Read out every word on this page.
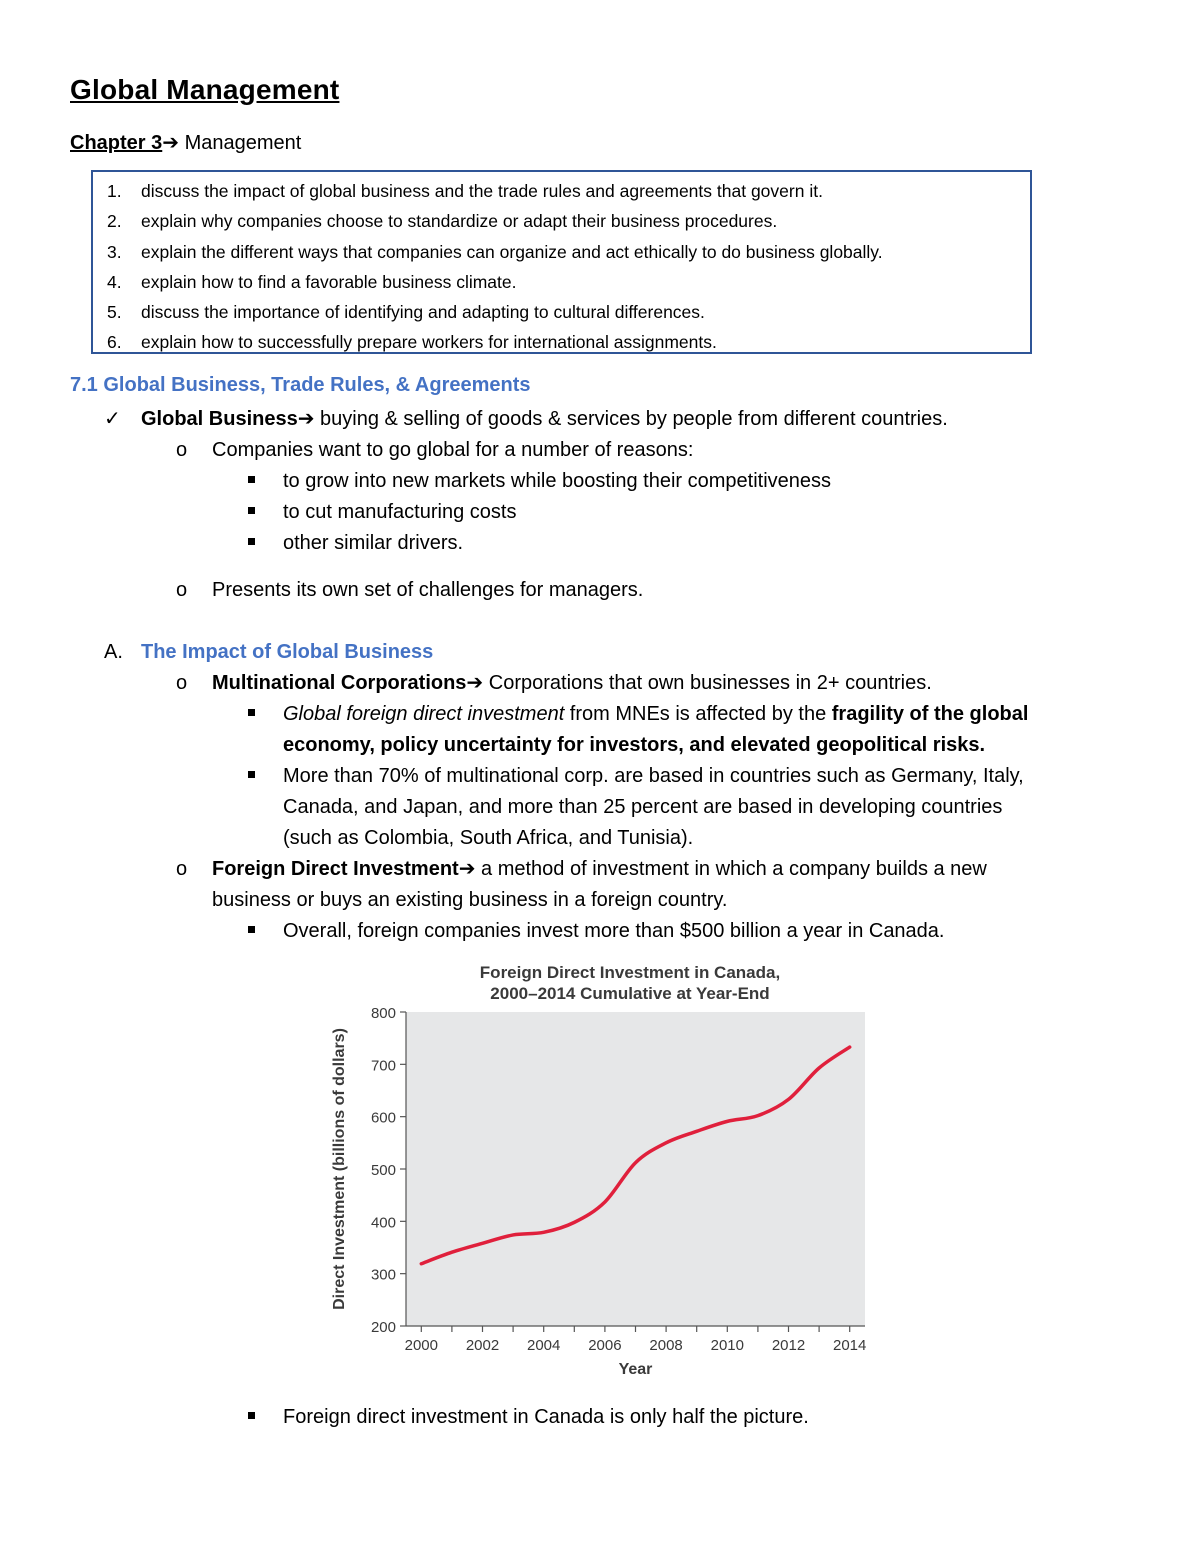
Global Management
Chapter 3➔ Management
1. discuss the impact of global business and the trade rules and agreements that govern it.
2. explain why companies choose to standardize or adapt their business procedures.
3. explain the different ways that companies can organize and act ethically to do business globally.
4. explain how to find a favorable business climate.
5. discuss the importance of identifying and adapting to cultural differences.
6. explain how to successfully prepare workers for international assignments.
7.1 Global Business, Trade Rules, & Agreements
✓ Global Business➔ buying & selling of goods & services by people from different countries.
o Companies want to go global for a number of reasons:
to grow into new markets while boosting their competitiveness
to cut manufacturing costs
other similar drivers.
o Presents its own set of challenges for managers.
A. The Impact of Global Business
o Multinational Corporations➔ Corporations that own businesses in 2+ countries.
Global foreign direct investment from MNEs is affected by the fragility of the global
economy, policy uncertainty for investors, and elevated geopolitical risks.
More than 70% of multinational corp. are based in countries such as Germany, Italy,
Canada, and Japan, and more than 25 percent are based in developing countries
(such as Colombia, South Africa, and Tunisia).
o Foreign Direct Investment➔ a method of investment in which a company builds a new
business or buys an existing business in a foreign country.
Overall, foreign companies invest more than $500 billion a year in Canada.
Foreign Direct Investment in Canada,
2000–2014 Cumulative at Year-End
200
300
400
500
600
700
800
2000 2002 2004 2006 2008 2010 2012 2014
Year
Direct Investment (billions of dollars)
Foreign direct investment in Canada is only half the picture.
